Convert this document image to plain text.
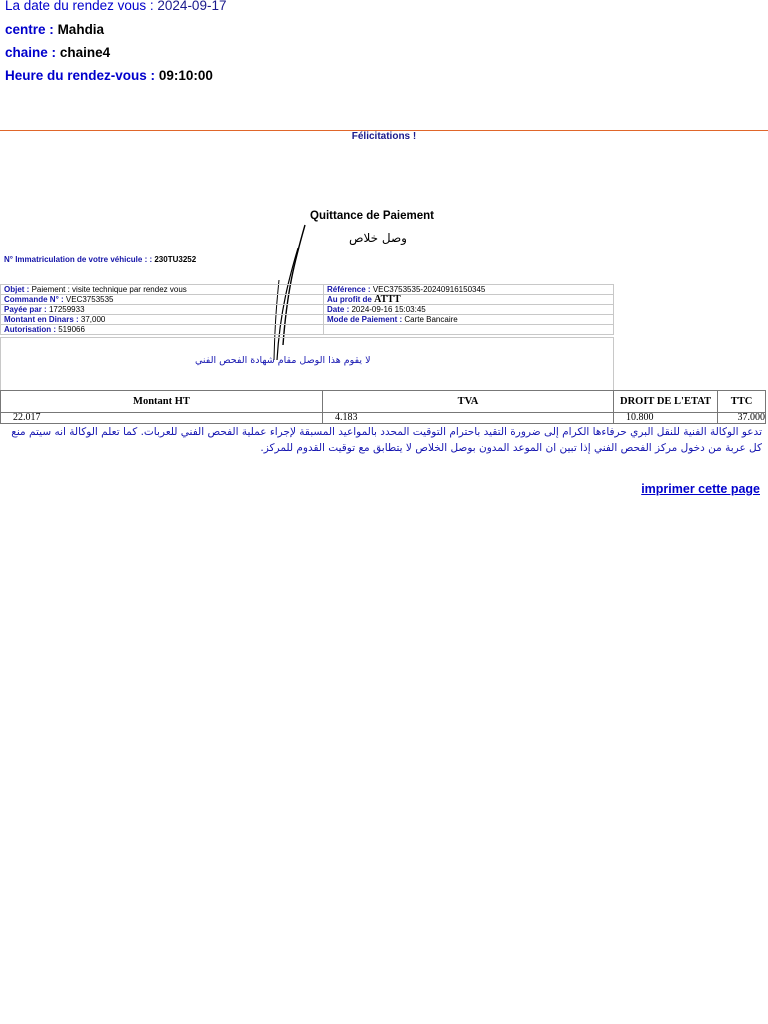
La date du rendez vous : 2024-09-17
centre : Mahdia
chaine : chaine4
Heure du rendez-vous : 09:10:00
Félicitations !
Quittance de Paiement
وصل خلاص
N° Immatriculation de votre véhicule : : 230TU3252
Objet : Paiement : visite technique par rendez vous	Référence : VEC3753535-20240916150345
Commande N° : VEC3753535	Au profit de ATTT
Payée par : 17259933	Date : 2024-09-16 15:03:45
Montant en Dinars : 37,000	Mode de Paiement : Carte Bancaire
Autorisation : 519066	
لا يقوم هذا الوصل مقام شهادة الفحص الفني
Montant HT	TVA	DROIT DE L'ETAT	TTC
22.017	4.183	10.800	37.000
تدعو الوكالة الفنية للنقل البري حرفاءها الكرام إلى ضرورة التقيد باحترام التوقيت المحدد بالمواعيد المسبقة لإجراء عملية الفحص الفني للعربات. كما تعلم الوكالة انه سيتم منع كل عربة من دخول مركز الفحص الفني إذا تبين ان الموعد المدون بوصل الخلاص لا يتطابق مع توقيت القدوم للمركز.
imprimer cette page
